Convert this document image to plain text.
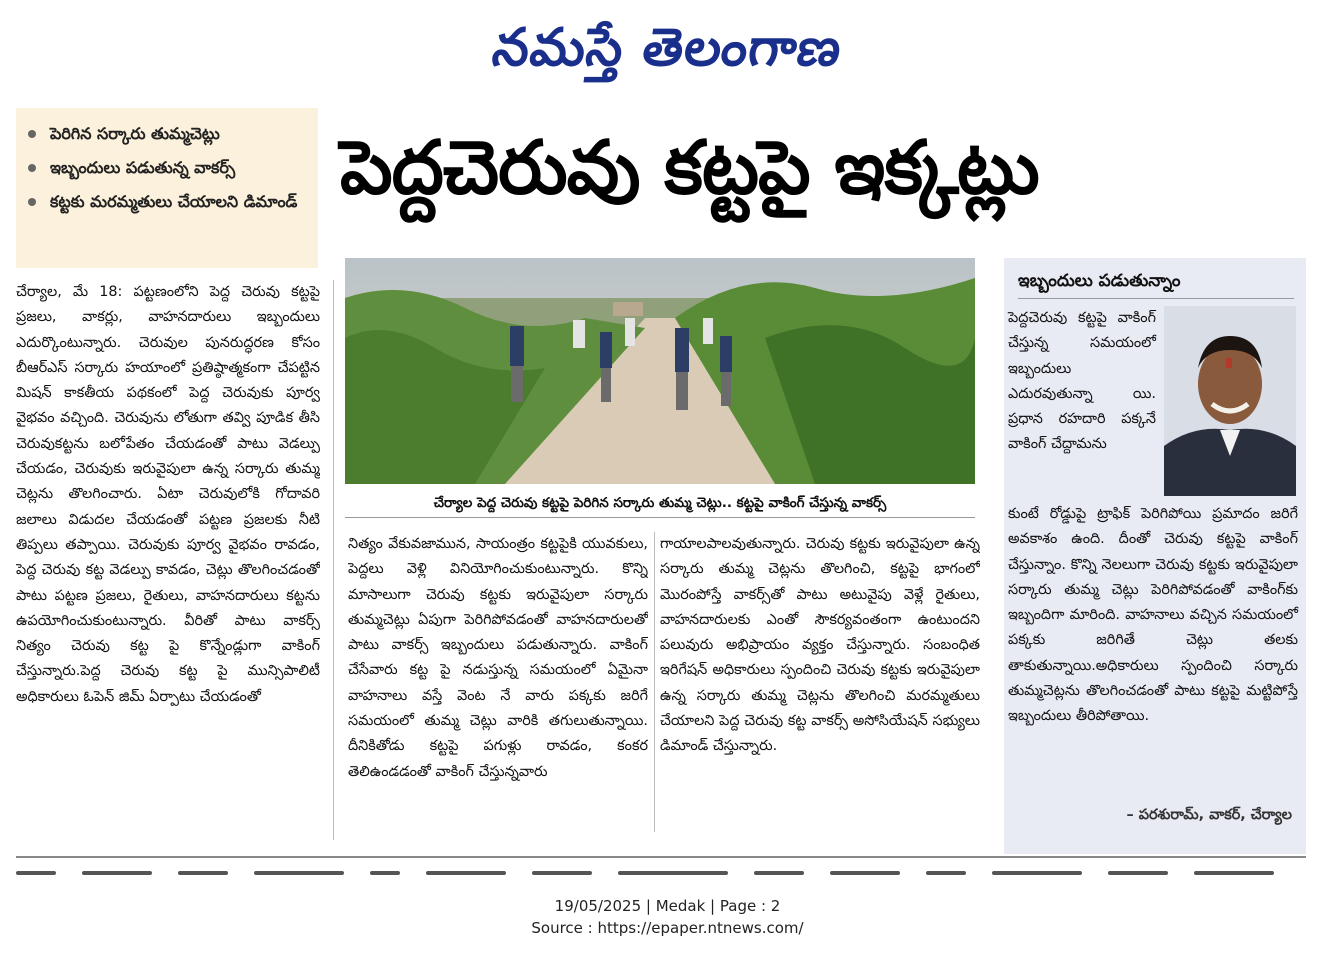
నమస్తే తెలంగాణ
పెరిగిన సర్కారు తుమ్మచెట్లు
ఇబ్బందులు పడుతున్న వాకర్స్
కట్టకు మరమ్మతులు చేయాలని డిమాండ్ పెద్దచెరువు కట్టపై ఇక్కట్లు
చేర్యాల పెద్ద చెరువు కట్టపై పెరిగిన సర్కారు తుమ్మ చెట్లు.. కట్టపై వాకింగ్ చేస్తున్న వాకర్స్
చేర్యాల, మే 18: పట్టణంలోని పెద్ద చెరువు కట్టపై ప్రజలు, వాకర్లు, వాహనదారులు ఇబ్బందులు ఎదుర్కొంటున్నారు. చెరువుల పునరుద్ధరణ కోసం బీఆర్ఎస్ సర్కారు హయాంలో ప్రతిష్ఠాత్మకంగా చేపట్టిన మిషన్ కాకతీయ పథకంలో పెద్ద చెరువుకు పూర్వ వైభవం వచ్చింది. చెరువును లోతుగా తవ్వి పూడిక తీసి చెరువుకట్టను బలోపేతం చేయడంతో పాటు వెడల్పు చేయడం, చెరువుకు ఇరువైపులా ఉన్న సర్కారు తుమ్మ చెట్లను తొలగించారు. ఏటా చెరువులోకి గోదావరి జలాలు విడుదల చేయడంతో పట్టణ ప్రజలకు నీటి తిప్పలు తప్పాయి. చెరువుకు పూర్వ వైభవం రావడం, పెద్ద చెరువు కట్ట వెడల్పు కావడం, చెట్లు తొలగించడంతో పాటు పట్టణ ప్రజలు, రైతులు, వాహనదారులు కట్టను ఉపయోగించుకుంటున్నారు. వీరితో పాటు వాకర్స్ నిత్యం చెరువు కట్ట పై కొన్నేండ్లుగా వాకింగ్ చేస్తున్నారు.పెద్ద చెరువు కట్ట పై మున్సిపాలిటీ అధికారులు ఓపెన్ జిమ్ ఏర్పాటు చేయడంతో
నిత్యం వేకువజామున, సాయంత్రం కట్టపైకి యువకులు, పెద్దలు వెళ్లి వినియోగించుకుంటున్నారు. కొన్ని మాసాలుగా చెరువు కట్టకు ఇరువైపులా సర్కారు తుమ్మచెట్లు ఏపుగా పెరిగిపోవడంతో వాహనదారులతో పాటు వాకర్స్ ఇబ్బందులు పడుతున్నారు. వాకింగ్ చేసేవారు కట్ట పై నడుస్తున్న సమయంలో ఏమైనా వాహనాలు వస్తే వెంట నే వారు పక్కకు జరిగే సమయంలో తుమ్మ చెట్లు వారికి తగులుతున్నాయి. దీనికితోడు కట్టపై పగుళ్లు రావడం, కంకర తెలిఉండడంతో వాకింగ్ చేస్తున్నవారు
గాయాలపాలవుతున్నారు. చెరువు కట్టకు ఇరువైపులా ఉన్న సర్కారు తుమ్మ చెట్లను తొలగించి, కట్టపై భాగంలో మొరంపోస్తే వాకర్స్‌తో పాటు అటువైపు వెళ్లే రైతులు, వాహనదారులకు ఎంతో సౌకర్యవంతంగా ఉంటుందని పలువురు అభిప్రాయం వ్యక్తం చేస్తున్నారు. సంబంధిత ఇరిగేషన్ అధికారులు స్పందించి చెరువు కట్టకు ఇరువైపులా ఉన్న సర్కారు తుమ్మ చెట్లను తొలగించి మరమ్మతులు చేయాలని పెద్ద చెరువు కట్ట వాకర్స్ అసోసియేషన్ సభ్యులు డిమాండ్ చేస్తున్నారు.
ఇబ్బందులు పడుతున్నాం
పెద్దచెరువు కట్టపై వాకింగ్ చేస్తున్న సమయంలో ఇబ్బందులు ఎదురవుతున్నా యి. ప్రధాన రహదారి పక్కనే వాకింగ్ చేద్దామను
కుంటే రోడ్డుపై ట్రాఫిక్ పెరిగిపోయి ప్రమాదం జరిగే అవకాశం ఉంది. దీంతో చెరువు కట్టపై వాకింగ్ చేస్తున్నాం. కొన్ని నెలలుగా చెరువు కట్టకు ఇరువైపులా సర్కారు తుమ్మ చెట్లు పెరిగిపోవడంతో వాకింగ్‌కు ఇబ్బందిగా మారింది. వాహనాలు వచ్చిన సమయంలో పక్కకు జరిగితే చెట్లు తలకు తాకుతున్నాయి.అధికారులు స్పందించి సర్కారు తుమ్మచెట్లను తొలగించడంతో పాటు కట్టపై మట్టిపోస్తే ఇబ్బందులు తీరిపోతాయి.
– పరశురామ్, వాకర్, చేర్యాల
19/05/2025 | Medak | Page : 2
Source : https://epaper.ntnews.com/
